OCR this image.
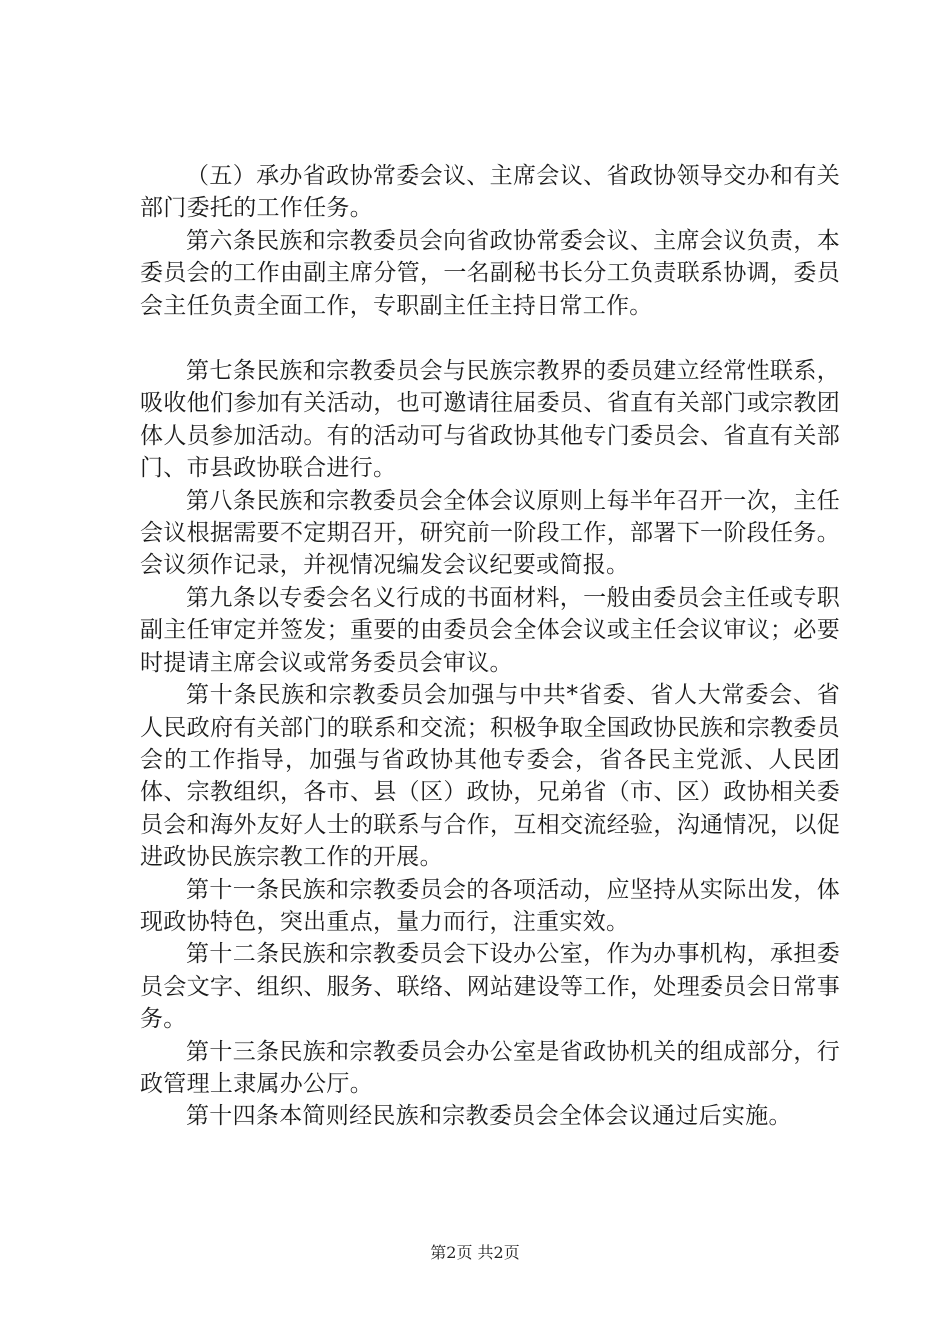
（五）承办省政协常委会议、主席会议、省政协领导交办和有关部门委托的工作任务。

第六条民族和宗教委员会向省政协常委会议、主席会议负责，本委员会的工作由副主席分管，一名副秘书长分工负责联系协调，委员会主任负责全面工作，专职副主任主持日常工作。

第七条民族和宗教委员会与民族宗教界的委员建立经常性联系，吸收他们参加有关活动，也可邀请往届委员、省直有关部门或宗教团体人员参加活动。有的活动可与省政协其他专门委员会、省直有关部门、市县政协联合进行。

第八条民族和宗教委员会全体会议原则上每半年召开一次，主任会议根据需要不定期召开，研究前一阶段工作，部署下一阶段任务。会议须作记录，并视情况编发会议纪要或简报。

第九条以专委会名义行成的书面材料，一般由委员会主任或专职副主任审定并签发；重要的由委员会全体会议或主任会议审议；必要时提请主席会议或常务委员会审议。

第十条民族和宗教委员会加强与中共*省委、省人大常委会、省人民政府有关部门的联系和交流；积极争取全国政协民族和宗教委员会的工作指导，加强与省政协其他专委会，省各民主党派、人民团体、宗教组织，各市、县（区）政协，兄弟省（市、区）政协相关委员会和海外友好人士的联系与合作，互相交流经验，沟通情况，以促进政协民族宗教工作的开展。

第十一条民族和宗教委员会的各项活动，应坚持从实际出发，体现政协特色，突出重点，量力而行，注重实效。

第十二条民族和宗教委员会下设办公室，作为办事机构，承担委员会文字、组织、服务、联络、网站建设等工作，处理委员会日常事务。

第十三条民族和宗教委员会办公室是省政协机关的组成部分，行政管理上隶属办公厅。

第十四条本简则经民族和宗教委员会全体会议通过后实施。

第2页 共2页
